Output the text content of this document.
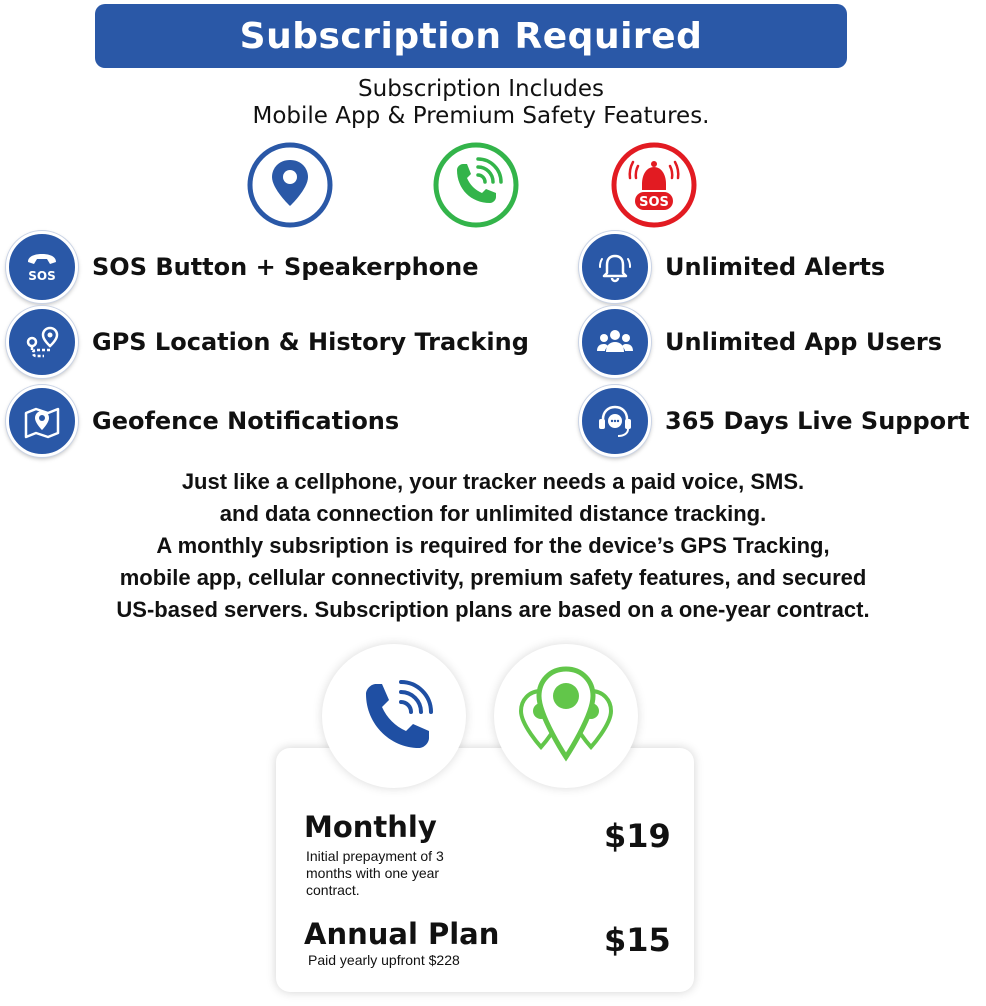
Subscription Required
Subscription Includes
Mobile App & Premium Safety Features.
SOS
SOS SOS Button + Speakerphone
GPS Location & History Tracking
Geofence Notifications
Unlimited Alerts
Unlimited App Users
365 Days Live Support
Just like a cellphone, your tracker needs a paid voice, SMS.
and data connection for unlimited distance tracking.
A monthly subsription is required for the device’s GPS Tracking,
mobile app, cellular connectivity, premium safety features, and secured
US-based servers. Subscription plans are based on a one-year contract.
Monthly
Initial prepayment of 3
months with one year
contract.
$19
Annual Plan
Paid yearly upfront $228
$15
